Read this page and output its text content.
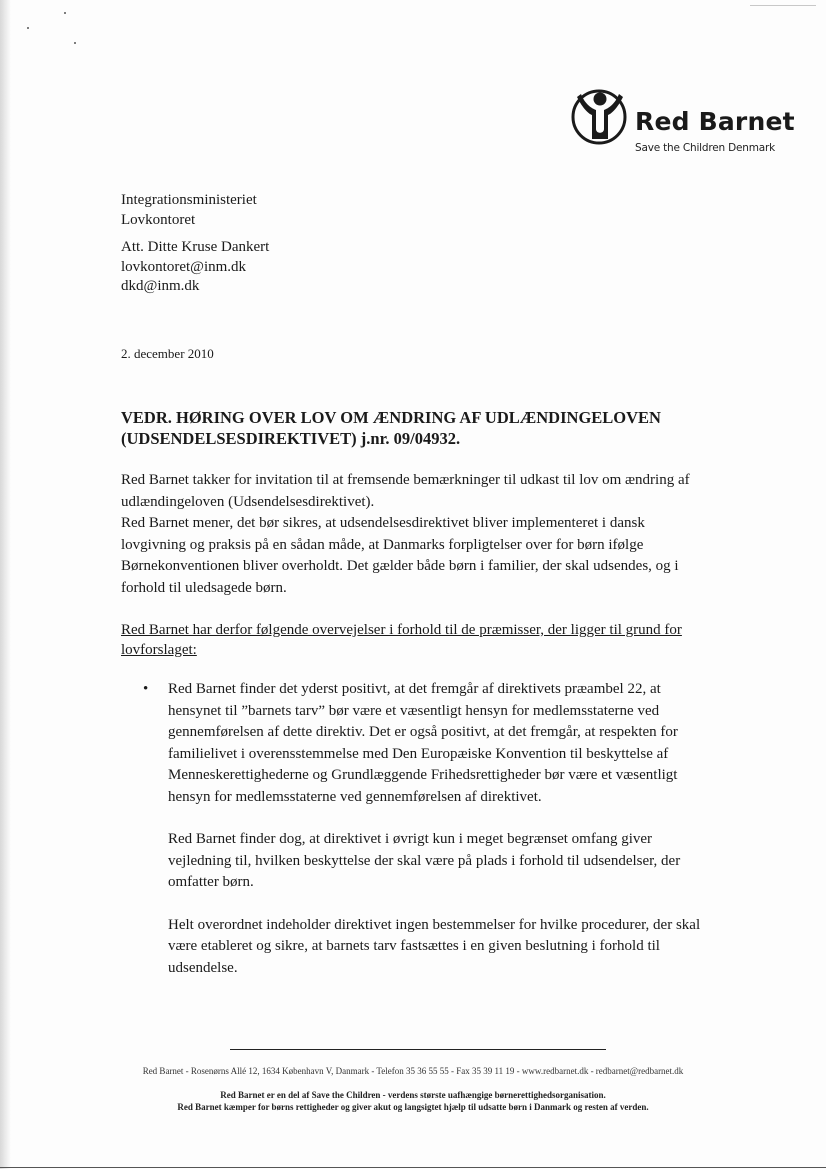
Red Barnet
Save the Children Denmark
Integrationsministeriet
Lovkontoret
Att. Ditte Kruse Dankert
lovkontoret@inm.dk
dkd@inm.dk
2. december 2010
VEDR. HØRING OVER LOV OM ÆNDRING AF UDLÆNDINGELOVEN
(UDSENDELSESDIREKTIVET) j.nr. 09/04932.

Red Barnet takker for invitation til at fremsende bemærkninger til udkast til lov om ændring af udlændingeloven (Udsendelsesdirektivet).

Red Barnet mener, det bør sikres, at udsendelsesdirektivet bliver implementeret i dansk lovgivning og praksis på en sådan måde, at Danmarks forpligtelser over for børn ifølge Børnekonventionen bliver overholdt. Det gælder både børn i familier, der skal udsendes, og i forhold til uledsagede børn.

Red Barnet har derfor følgende overvejelser i forhold til de præmisser, der ligger til grund for lovforslaget:
• Red Barnet finder det yderst positivt, at det fremgår af direktivets præambel 22, at hensynet til ”barnets tarv” bør være et væsentligt hensyn for medlemsstaterne ved gennemførelsen af dette direktiv. Det er også positivt, at det fremgår, at respekten for familielivet i overensstemmelse med Den Europæiske Konvention til beskyttelse af Menneskerettighederne og Grundlæggende Frihedsrettigheder bør være et væsentligt hensyn for medlemsstaterne ved gennemførelsen af direktivet.

Red Barnet finder dog, at direktivet i øvrigt kun i meget begrænset omfang giver vejledning til, hvilken beskyttelse der skal være på plads i forhold til udsendelser, der omfatter børn.

Helt overordnet indeholder direktivet ingen bestemmelser for hvilke procedurer, der skal være etableret og sikre, at barnets tarv fastsættes i en given beslutning i forhold til udsendelse.

Red Barnet - Rosenørns Allé 12, 1634 København V, Danmark - Telefon 35 36 55 55 - Fax 35 39 11 19 - www.redbarnet.dk - redbarnet@redbarnet.dk
Red Barnet er en del af Save the Children - verdens største uafhængige børnerettighedsorganisation.
Red Barnet kæmper for børns rettigheder og giver akut og langsigtet hjælp til udsatte børn i Danmark og resten af verden.
